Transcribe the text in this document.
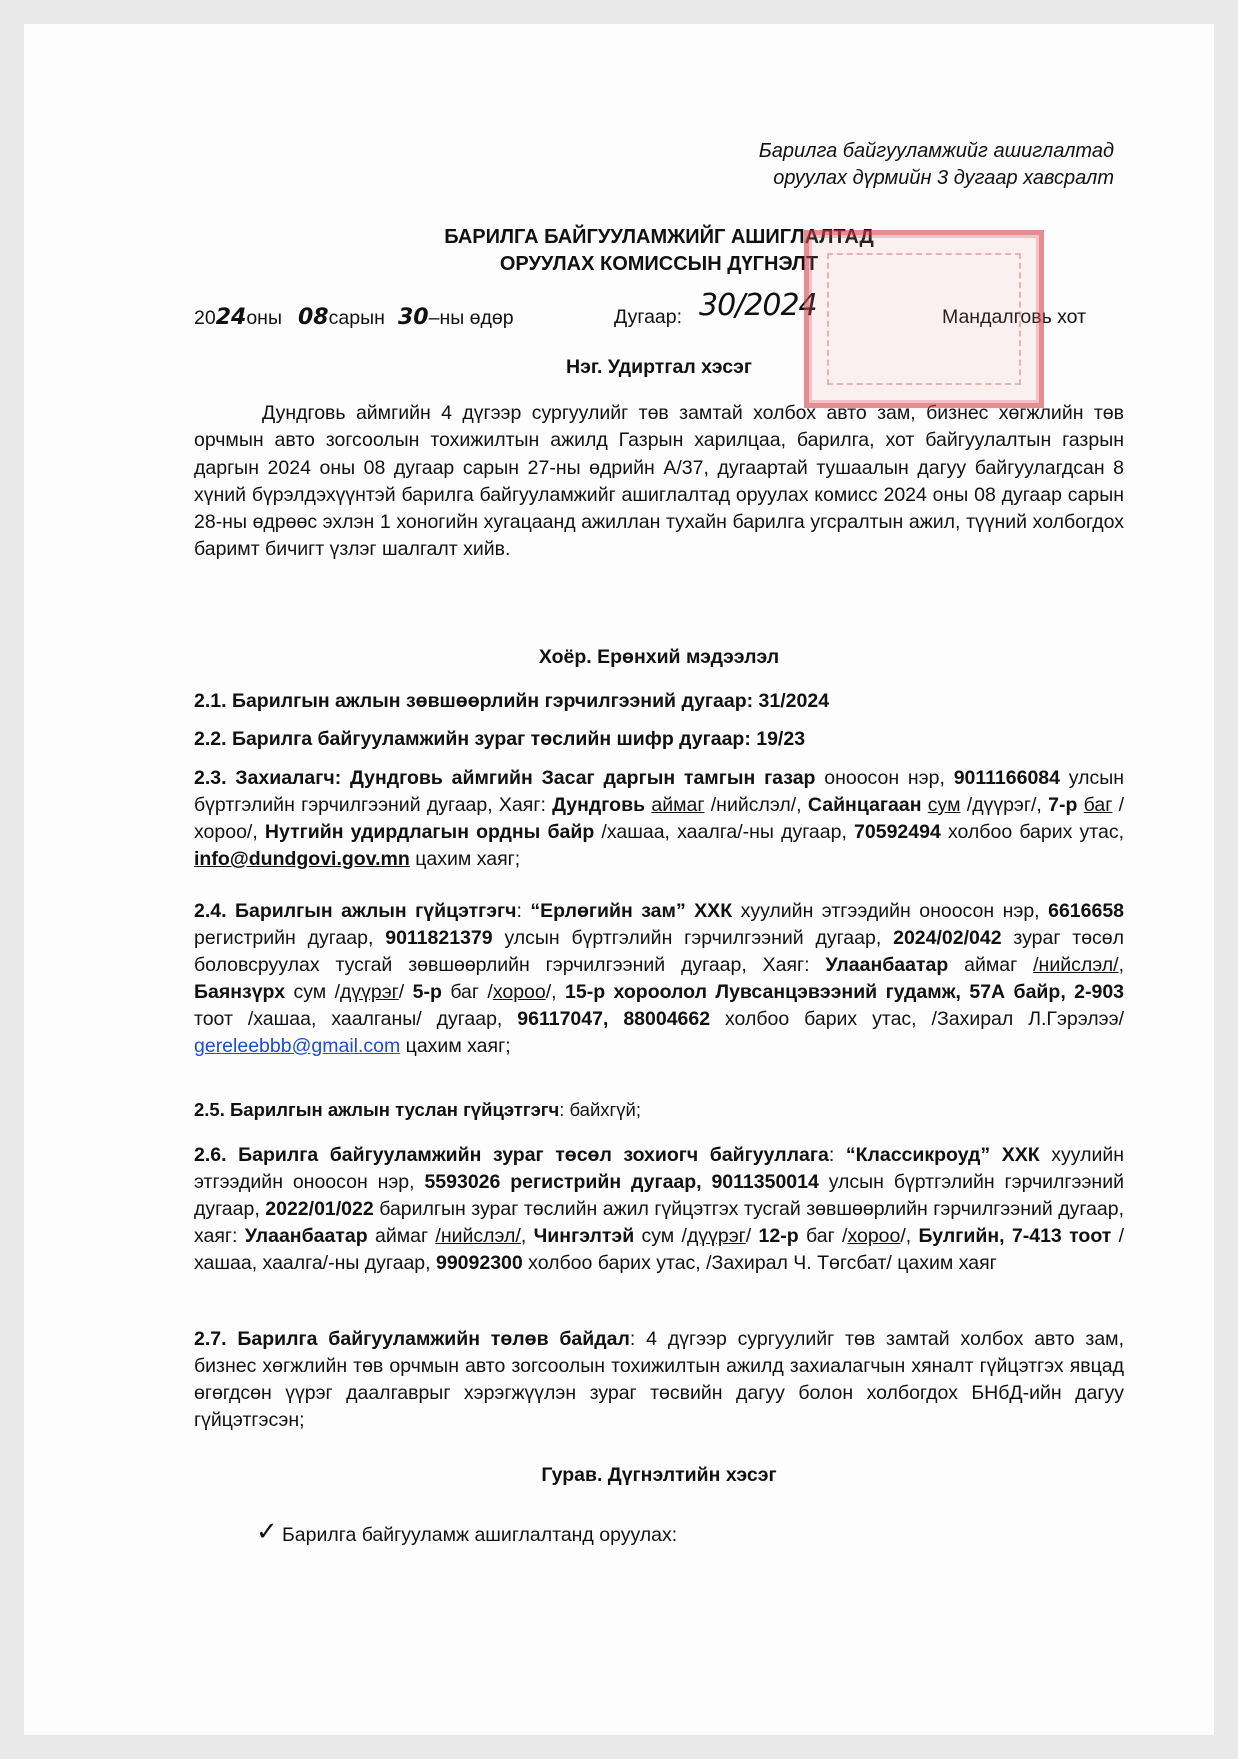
Барилга байгууламжийг ашиглалтад
оруулах дүрмийн 3 дугаар хавсралт
БАРИЛГА БАЙГУУЛАМЖИЙГ АШИГЛАЛТАД
ОРУУЛАХ КОМИССЫН ДҮГНЭЛТ
2024оны 08сарын 30–ны өдөр	Дугаар: 30/2024	Мандалговь хот
Нэг. Удиртгал хэсэг
Дундговь аймгийн 4 дүгээр сургуулийг төв замтай холбох авто зам, бизнес хөгжлийн төв орчмын авто зогсоолын тохижилтын ажилд Газрын харилцаа, барилга, хот байгуулалтын газрын даргын 2024 оны 08 дугаар сарын 27-ны өдрийн А/37, дугаартай тушаалын дагуу байгуулагдсан 8 хүний бүрэлдэхүүнтэй барилга байгууламжийг ашиглалтад оруулах комисс 2024 оны 08 дугаар сарын 28-ны өдрөөс эхлэн 1 хоногийн хугацаанд ажиллан тухайн барилга угсралтын ажил, түүний холбогдох баримт бичигт үзлэг шалгалт хийв.
Хоёр. Ерөнхий мэдээлэл
2.1. Барилгын ажлын зөвшөөрлийн гэрчилгээний дугаар: 31/2024
2.2. Барилга байгууламжийн зураг төслийн шифр дугаар: 19/23
2.3. Захиалагч: Дундговь аймгийн Засаг даргын тамгын газар оноосон нэр, 9011166084 улсын бүртгэлийн гэрчилгээний дугаар, Хаяг: Дундговь аймаг /нийслэл/, Сайнцагаан сум /дүүрэг/, 7-р баг /хороо/, Нутгийн удирдлагын ордны байр /хашаа, хаалга/-ны дугаар, 70592494 холбоо барих утас, info@dundgovi.gov.mn цахим хаяг;
2.4. Барилгын ажлын гүйцэтгэгч: “Ерлөгийн зам” ХХК хуулийн этгээдийн оноосон нэр, 6616658 регистрийн дугаар, 9011821379 улсын бүртгэлийн гэрчилгээний дугаар, 2024/02/042 зураг төсөл боловсруулах тусгай зөвшөөрлийн гэрчилгээний дугаар, Хаяг: Улаанбаатар аймаг /нийслэл/, Баянзүрх сум /дүүрэг/ 5-р баг /хороо/, 15-р хороолол Лувсанцэвээний гудамж, 57А байр, 2-903 тоот /хашаа, хаалганы/ дугаар, 96117047, 88004662 холбоо барих утас, /Захирал Л.Гэрэлээ/ gereleebbb@gmail.com цахим хаяг;
2.5. Барилгын ажлын туслан гүйцэтгэгч: байхгүй;
2.6. Барилга байгууламжийн зураг төсөл зохиогч байгууллага: “Классикроуд” ХХК хуулийн этгээдийн оноосон нэр, 5593026 регистрийн дугаар, 9011350014 улсын бүртгэлийн гэрчилгээний дугаар, 2022/01/022 барилгын зураг төслийн ажил гүйцэтгэх тусгай зөвшөөрлийн гэрчилгээний дугаар, хаяг: Улаанбаатар аймаг /нийслэл/, Чингэлтэй сум /дүүрэг/ 12-р баг /хороо/, Булгийн, 7-413 тоот /хашаа, хаалга/-ны дугаар, 99092300 холбоо барих утас, /Захирал Ч. Төгсбат/ цахим хаяг
2.7. Барилга байгууламжийн төлөв байдал: 4 дүгээр сургуулийг төв замтай холбох авто зам, бизнес хөгжлийн төв орчмын авто зогсоолын тохижилтын ажилд захиалагчын хяналт гүйцэтгэх явцад өгөгдсөн үүрэг даалгаврыг хэрэгжүүлэн зураг төсвийн дагуу болон холбогдох БНбД-ийн дагуу гүйцэтгэсэн;
Гурав. Дүгнэлтийн хэсэг
✓ Барилга байгууламж ашиглалтанд оруулах:
